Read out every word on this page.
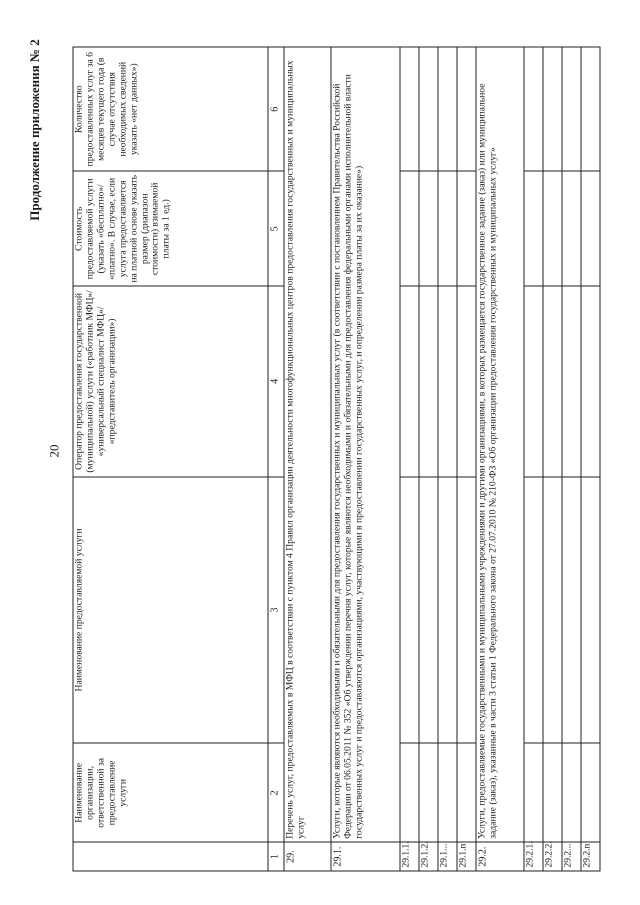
20
Продолжение приложения № 2
	Наименование организации, ответственной за предоставление услуги	Наименование предоставляемой услуги	Оператор предоставления государственной (муниципальной) услуги («работник МФЦ»/ «универсальный специалист МФЦ»/ «представитель организации»)	Стоимость предоставляемой услуги (указать «бесплатно»/ «платно». В случае, если услуга предоставляется на платной основе указать размер (диапазон стоимости) взимаемой платы за 1 ед.)	Количество предоставленных услуг за 6 месяцев текущего года (в случае отсутствия необходимых сведений указать «нет данных»)
1	2	3	4	5	6
29.	Перечень услуг, предоставляемых в МФЦ в соответствии с пунктом 4 Правил организации деятельности многофункциональных центров предоставления государственных и муниципальных услуг				
29.1.	Услуги, которые являются необходимыми и обязательными для предоставления государственных и муниципальных услуг (в соответствии с постановлением Правительства Российской Федерации от 06.05.2011 № 352 «Об утверждении перечня услуг, которые являются необходимыми и обязательными для предоставления федеральными органами исполнительной власти государственных услуг и предоставляются организациями, участвующими в предоставлении государственных услуг, и определении размера платы за их оказание»)				
29.1.1.					
29.1.2.					
29.1...					
29.1.n					
29.2.	Услуги, предоставляемые государственными и муниципальными учреждениями и другими организациями, в которых размещается государственное задание (заказ) или муниципальное задание (заказ), указанные в части 3 статьи 1 Федерального закона от 27.07.2010 № 210-ФЗ «Об организации предоставления государственных и муниципальных услуг»				
29.2.1.					
29.2.2.					
29.2...					
29.2.n					
